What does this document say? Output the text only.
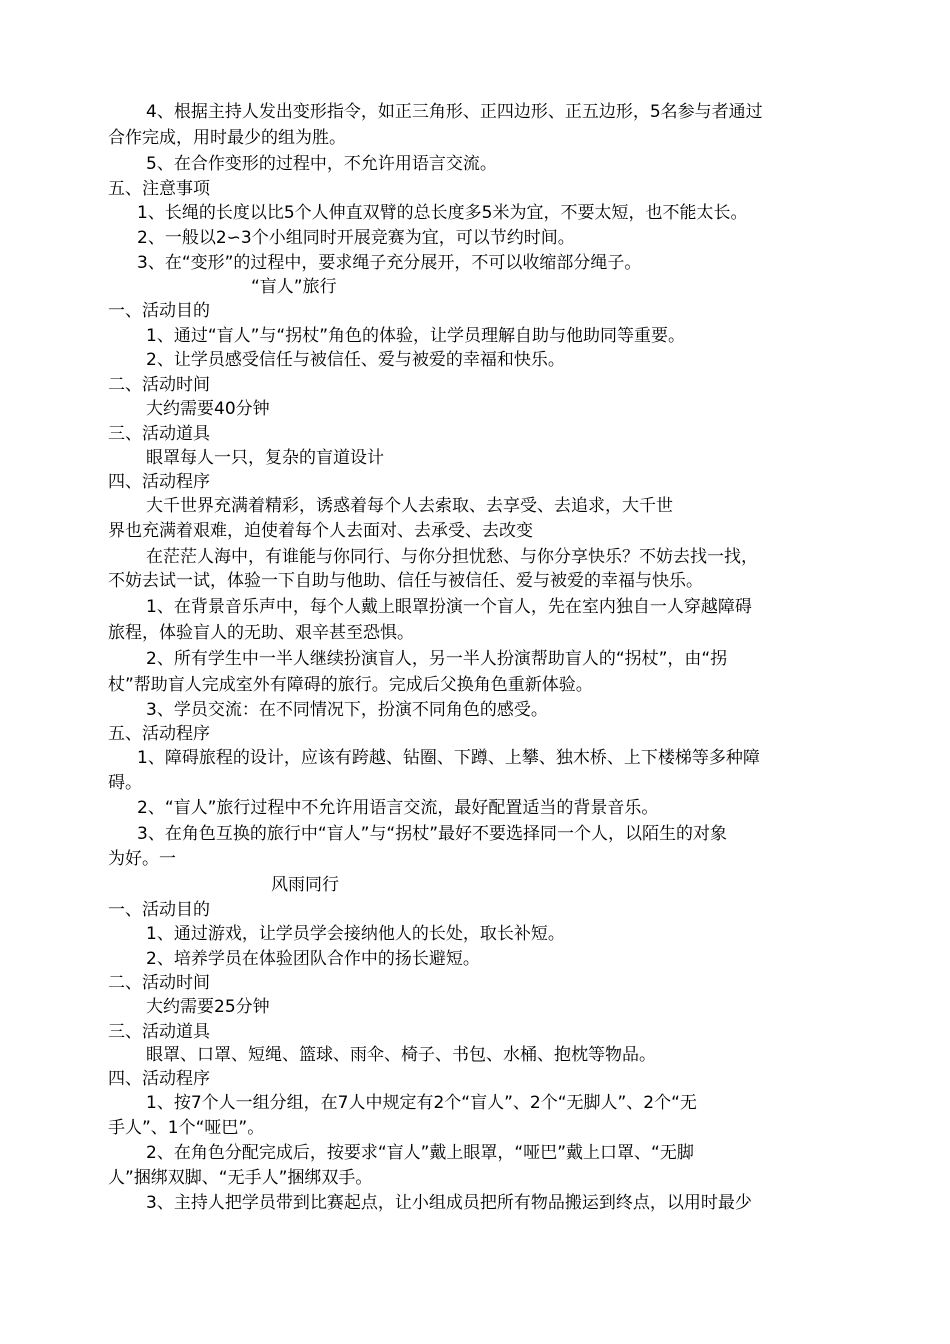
4、根据主持人发出变形指令，如正三角形、正四边形、正五边形，5名参与者通过
合作完成，用时最少的组为胜。
5、在合作变形的过程中，不允许用语言交流。
五、注意事项
1、长绳的长度以比5个人伸直双臂的总长度多5米为宜，不要太短，也不能太长。
2、一般以2∽3个小组同时开展竞赛为宜，可以节约时间。
3、在“变形”的过程中，要求绳子充分展开，不可以收缩部分绳子。
“盲人”旅行
一、活动目的
1、通过“盲人”与“拐杖”角色的体验，让学员理解自助与他助同等重要。
2、让学员感受信任与被信任、爱与被爱的幸福和快乐。
二、活动时间
大约需要40分钟
三、活动道具
眼罩每人一只，复杂的盲道设计
四、活动程序
大千世界充满着精彩，诱惑着每个人去索取、去享受、去追求，大千世
界也充满着艰难，迫使着每个人去面对、去承受、去改变
在茫茫人海中，有谁能与你同行、与你分担忧愁、与你分享快乐？不妨去找一找，
不妨去试一试，体验一下自助与他助、信任与被信任、爱与被爱的幸福与快乐。
1、在背景音乐声中，每个人戴上眼罩扮演一个盲人，先在室内独自一人穿越障碍
旅程，体验盲人的无助、艰辛甚至恐惧。
2、所有学生中一半人继续扮演盲人，另一半人扮演帮助盲人的“拐杖”，由“拐
杖”帮助盲人完成室外有障碍的旅行。完成后父换角色重新体验。
3、学员交流：在不同情况下，扮演不同角色的感受。
五、活动程序
1、障碍旅程的设计，应该有跨越、钻圈、下蹲、上攀、独木桥、上下楼梯等多种障
碍。
2、“盲人”旅行过程中不允许用语言交流，最好配置适当的背景音乐。
3、在角色互换的旅行中“盲人”与“拐杖”最好不要选择同一个人，以陌生的对象
为好。一
风雨同行
一、活动目的
1、通过游戏，让学员学会接纳他人的长处，取长补短。
2、培养学员在体验团队合作中的扬长避短。
二、活动时间
大约需要25分钟
三、活动道具
眼罩、口罩、短绳、篮球、雨伞、椅子、书包、水桶、抱枕等物品。
四、活动程序
1、按7个人一组分组，在7人中规定有2个“盲人”、2个“无脚人”、2个“无
手人”、1个“哑巴”。
2、在角色分配完成后，按要求“盲人”戴上眼罩，“哑巴”戴上口罩、“无脚
人”捆绑双脚、“无手人”捆绑双手。
3、主持人把学员带到比赛起点，让小组成员把所有物品搬运到终点，以用时最少
